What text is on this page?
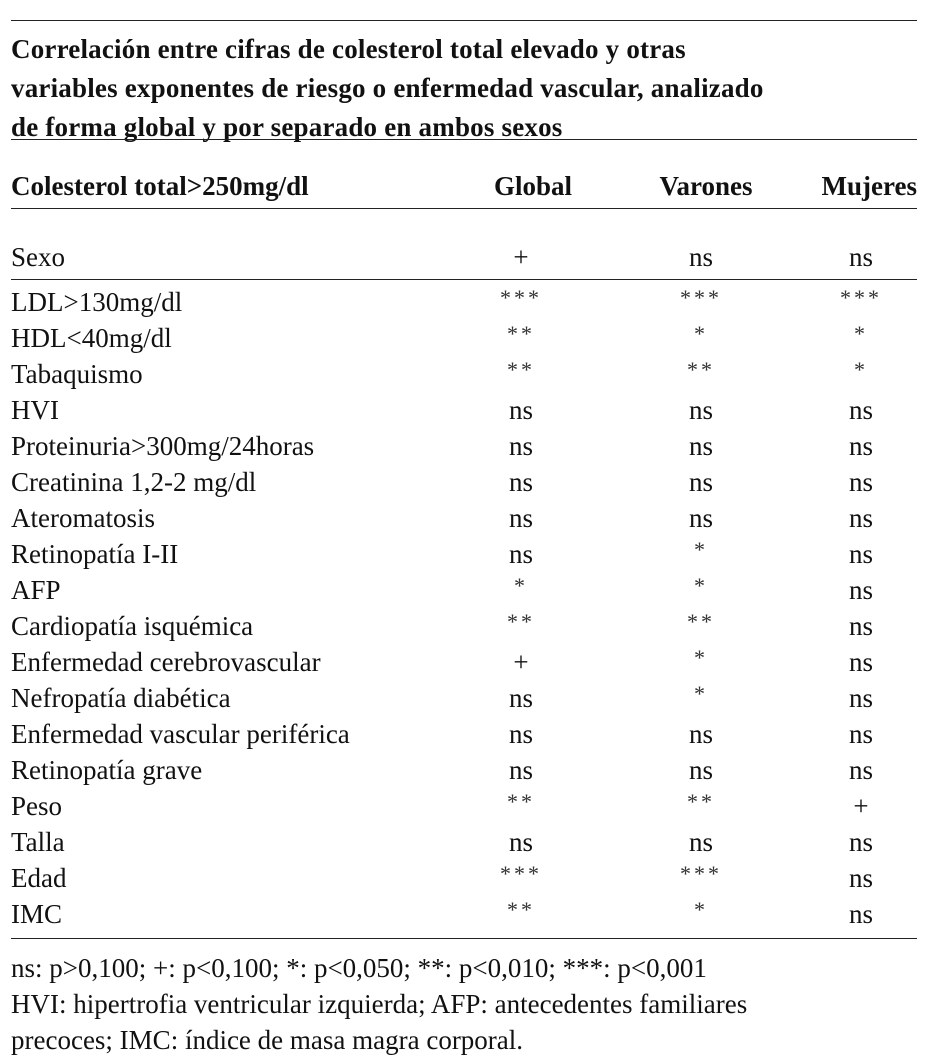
Correlación entre cifras de colesterol total elevado y otras
variables exponentes de riesgo o enfermedad vascular, analizado
de forma global y por separado en ambos sexos
Colesterol total>250mg/dl	Global	Varones	Mujeres
Sexo	+	ns	ns
LDL>130mg/dl	***	***	***
HDL<40mg/dl	**	*	*
Tabaquismo	**	**	*
HVI	ns	ns	ns
Proteinuria>300mg/24horas	ns	ns	ns
Creatinina 1,2-2 mg/dl	ns	ns	ns
Ateromatosis	ns	ns	ns
Retinopatía I-II	ns	*	ns
AFP	*	*	ns
Cardiopatía isquémica	**	**	ns
Enfermedad cerebrovascular	+	*	ns
Nefropatía diabética	ns	*	ns
Enfermedad vascular periférica	ns	ns	ns
Retinopatía grave	ns	ns	ns
Peso	**	**	+
Talla	ns	ns	ns
Edad	***	***	ns
IMC	**	*	ns
ns: p>0,100; +: p<0,100; *: p<0,050; **: p<0,010; ***: p<0,001
HVI: hipertrofia ventricular izquierda; AFP: antecedentes familiares
precoces; IMC: índice de masa magra corporal.
